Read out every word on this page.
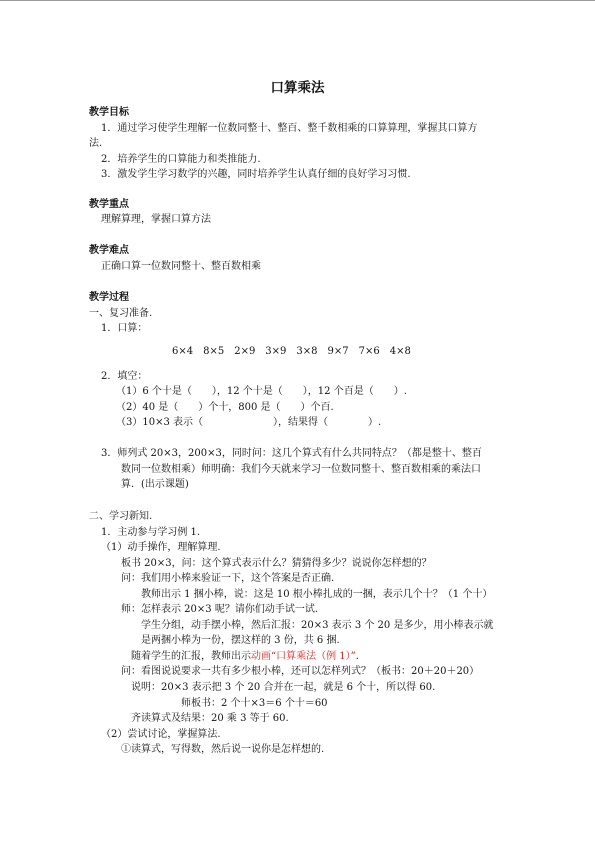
口算乘法
教学目标
1．通过学习使学生理解一位数同整十、整百、整千数相乘的口算算理，掌握其口算方
法.
2．培养学生的口算能力和类推能力.
3．激发学生学习数学的兴趣，同时培养学生认真仔细的良好学习习惯.
教学重点
理解算理，掌握口算方法
教学难点
正确口算一位数同整十、整百数相乘
教学过程
一、复习准备.
1．口算：
6×4　8×5　2×9　3×9　3×8　9×7　7×6　4×8
2．填空：
（1）6 个十是（　　），12 个十是（　　），12 个百是（　　）.
（2）40 是（　　）个十，800 是（　　）个百.
（3）10×3 表示（　　　　　　　），结果得（　　　　）.
3．师列式 20×3，200×3，同时问：这几个算式有什么共同特点？（都是整十、整百
数同一位数相乘）师明确：我们今天就来学习一位数同整十、整百数相乘的乘法口
算．(出示课题)
二、学习新知.
1．主动参与学习例 1.
（1）动手操作，理解算理.
板书 20×3，问：这个算式表示什么？猜猜得多少？说说你怎样想的？
问：我们用小棒来验证一下，这个答案是否正确.
教师出示 1 捆小棒，说：这是 10 根小棒扎成的一捆，表示几个十？（1 个十）
师：怎样表示 20×3 呢？请你们动手试一试.
学生分组，动手摆小棒，然后汇报：20×3 表示 3 个 20 是多少，用小棒表示就
是两捆小棒为一份，摆这样的 3 份，共 6 捆.
随着学生的汇报，教师出示动画“口算乘法（例 1）”.
问：看图说说要求一共有多少根小棒，还可以怎样列式？（板书：20＋20＋20）
说明：20×3 表示把 3 个 20 合并在一起，就是 6 个十，所以得 60.
师板书：2 个十×3＝6 个十＝60
齐读算式及结果：20 乘 3 等于 60.
（2）尝试讨论，掌握算法.
①读算式，写得数，然后说一说你是怎样想的.
